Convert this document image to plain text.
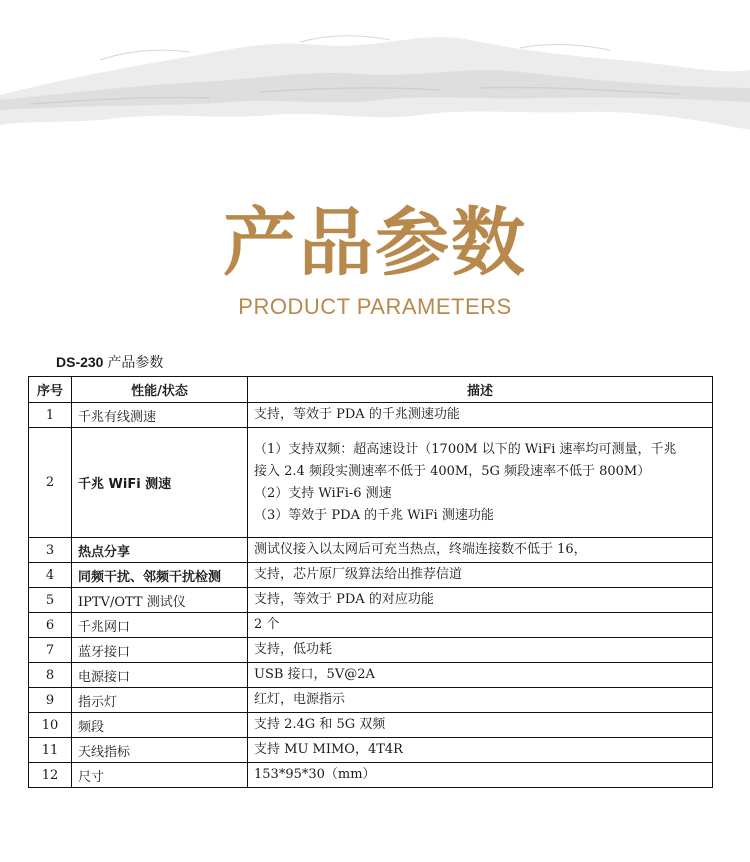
产品参数
PRODUCT PARAMETERS
DS-230 产品参数
序号	性能/状态	描述
1	千兆有线测速	支持，等效于 PDA 的千兆测速功能

2	千兆 WiFi 测速	（1）支持双频：超高速设计（1700M 以下的 WiFi 速率均可测量，千兆
接入 2.4 频段实测速率不低于 400M，5G 频段速率不低于 800M）
（2）支持 WiFi-6 测速
（3）等效于 PDA 的千兆 WiFi 测速功能

3	热点分享	测试仪接入以太网后可充当热点，终端连接数不低于 16，

4	同频干扰、邻频干扰检测	支持，芯片原厂级算法给出推荐信道

5	IPTV/OTT 测试仪	支持，等效于 PDA 的对应功能

6	千兆网口	2 个

7	蓝牙接口	支持，低功耗

8	电源接口	USB 接口，5V@2A

9	指示灯	红灯，电源指示

10	频段	支持 2.4G 和 5G 双频

11	天线指标	支持 MU MIMO，4T4R

12	尺寸	153*95*30（mm）
